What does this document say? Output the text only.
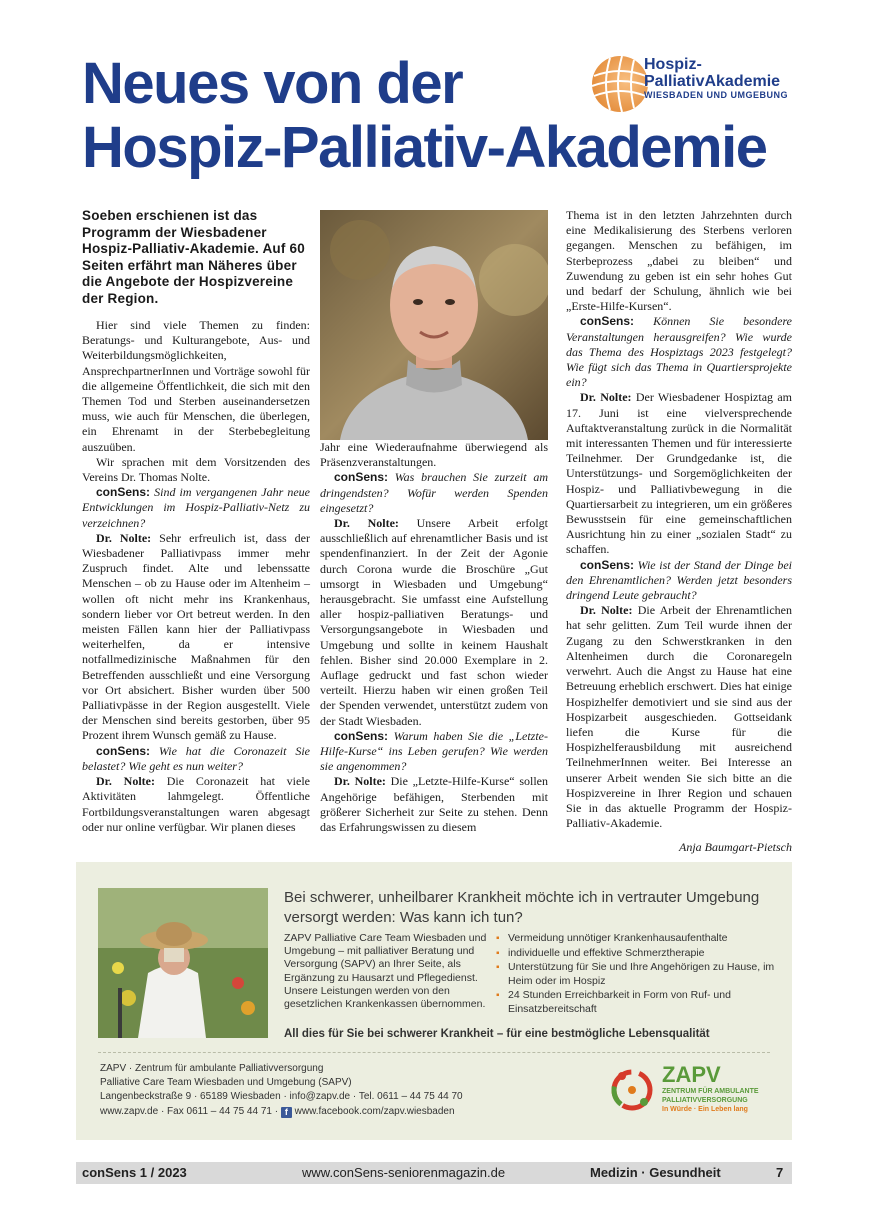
Neues von der
Hospiz-Palliativ-Akademie
Hospiz-
PalliativAkademie
WIESBADEN UND UMGEBUNG
Soeben erschienen ist das Programm der Wiesbadener Hospiz-Palliativ-Akademie. Auf 60 Seiten erfährt man Näheres über die Angebote der Hospizvereine der Region.

Hier sind viele Themen zu finden: Beratungs- und Kulturangebote, Aus- und Weiterbildungsmöglichkeiten, AnsprechpartnerInnen und Vorträge sowohl für die allgemeine Öffentlichkeit, die sich mit den Themen Tod und Sterben auseinandersetzen muss, wie auch für Menschen, die überlegen, ein Ehrenamt in der Sterbebegleitung auszuüben.

Wir sprachen mit dem Vorsitzenden des Vereins Dr. Thomas Nolte.

conSens: Sind im vergangenen Jahr neue Entwicklungen im Hospiz-Palliativ-Netz zu verzeichnen?

Dr. Nolte: Sehr erfreulich ist, dass der Wiesbadener Palliativpass immer mehr Zuspruch findet. Alte und lebenssatte Menschen – ob zu Hause oder im Altenheim – wollen oft nicht mehr ins Krankenhaus, sondern lieber vor Ort betreut werden. In den meisten Fällen kann hier der Palliativpass weiterhelfen, da er intensive notfallmedizinische Maßnahmen für den Betreffenden ausschließt und eine Versorgung vor Ort absichert. Bisher wurden über 500 Palliativpässe in der Region ausgestellt. Viele der Menschen sind bereits gestorben, über 95 Prozent ihrem Wunsch gemäß zu Hause.

conSens: Wie hat die Coronazeit Sie belastet? Wie geht es nun weiter?

Dr. Nolte: Die Coronazeit hat viele Aktivitäten lahmgelegt. Öffentliche Fortbildungsveranstaltungen waren abgesagt oder nur online verfügbar. Wir planen dieses

Jahr eine Wiederaufnahme überwiegend als Präsenzveranstaltungen.

conSens: Was brauchen Sie zurzeit am dringendsten? Wofür werden Spenden eingesetzt?

Dr. Nolte: Unsere Arbeit erfolgt ausschließlich auf ehrenamtlicher Basis und ist spendenfinanziert. In der Zeit der Agonie durch Corona wurde die Broschüre „Gut umsorgt in Wiesbaden und Umgebung“ herausgebracht. Sie umfasst eine Aufstellung aller hospiz-palliativen Beratungs- und Versorgungsangebote in Wiesbaden und Umgebung und sollte in keinem Haushalt fehlen. Bisher sind 20.000 Exemplare in 2. Auflage gedruckt und fast schon wieder verteilt. Hierzu haben wir einen großen Teil der Spenden verwendet, unterstützt zudem von der Stadt Wiesbaden.

conSens: Warum haben Sie die „Letzte-Hilfe-Kurse“ ins Leben gerufen? Wie werden sie angenommen?

Dr. Nolte: Die „Letzte-Hilfe-Kurse“ sollen Angehörige befähigen, Sterbenden mit größerer Sicherheit zur Seite zu stehen. Denn das Erfahrungswissen zu diesem

Thema ist in den letzten Jahrzehnten durch eine Medikalisierung des Sterbens verloren gegangen. Menschen zu befähigen, im Sterbeprozess „dabei zu bleiben“ und Zuwendung zu geben ist ein sehr hohes Gut und bedarf der Schulung, ähnlich wie bei „Erste-Hilfe-Kursen“.

conSens: Können Sie besondere Veranstaltungen herausgreifen? Wie wurde das Thema des Hospiztags 2023 festgelegt? Wie fügt sich das Thema in Quartiersprojekte ein?

Dr. Nolte: Der Wiesbadener Hospiztag am 17. Juni ist eine vielversprechende Auftaktveranstaltung zurück in die Normalität mit interessanten Themen und für interessierte Teilnehmer. Der Grundgedanke ist, die Unterstützungs- und Sorgemöglichkeiten der Hospiz- und Palliativbewegung in die Quartiersarbeit zu integrieren, um ein größeres Bewusstsein für eine gemeinschaftlichen Ausrichtung hin zu einer „sozialen Stadt“ zu schaffen.

conSens: Wie ist der Stand der Dinge bei den Ehrenamtlichen? Werden jetzt besonders dringend Leute gebraucht?

Dr. Nolte: Die Arbeit der Ehrenamtlichen hat sehr gelitten. Zum Teil wurde ihnen der Zugang zu den Schwerstkranken in den Altenheimen durch die Coronaregeln verwehrt. Auch die Angst zu Hause hat eine Betreuung erheblich erschwert. Dies hat einige Hospizhelfer demotiviert und sie sind aus der Hospizarbeit ausgeschieden. Gottseidank liefen die Kurse für die Hospizhelferausbildung mit ausreichend TeilnehmerInnen weiter. Bei Interesse an unserer Arbeit wenden Sie sich bitte an die Hospizvereine in Ihrer Region und schauen Sie in das aktuelle Programm der Hospiz-Palliativ-Akademie.

Anja Baumgart-Pietsch
Bei schwerer, unheilbarer Krankheit möchte ich in vertrauter Umgebung versorgt werden: Was kann ich tun?
ZAPV Palliative Care Team Wiesbaden und Umgebung – mit palliativer Beratung und Versorgung (SAPV) an Ihrer Seite, als Ergänzung zu Hausarzt und Pflegedienst. Unsere Leistungen werden von den gesetzlichen Krankenkassen übernommen.
▪ Vermeidung unnötiger Krankenhausaufenthalte
▪ individuelle und effektive Schmerztherapie
▪ Unterstützung für Sie und Ihre Angehörigen zu Hause, im Heim oder im Hospiz
▪ 24 Stunden Erreichbarkeit in Form von Ruf- und Einsatzbereitschaft
All dies für Sie bei schwerer Krankheit – für eine bestmögliche Lebensqualität
ZAPV · Zentrum für ambulante Palliativversorgung
Palliative Care Team Wiesbaden und Umgebung (SAPV)
Langenbeckstraße 9 · 65189 Wiesbaden · info@zapv.de · Tel. 0611 – 44 75 44 70
www.zapv.de · Fax 0611 – 44 75 44 71 · f www.facebook.com/zapv.wiesbaden
ZAPV
ZENTRUM FÜR AMBULANTE
PALLIATIVVERSORGUNG
In Würde · Ein Leben lang
conSens 1 / 2023	www.conSens-seniorenmagazin.de	Medizin · Gesundheit	7
